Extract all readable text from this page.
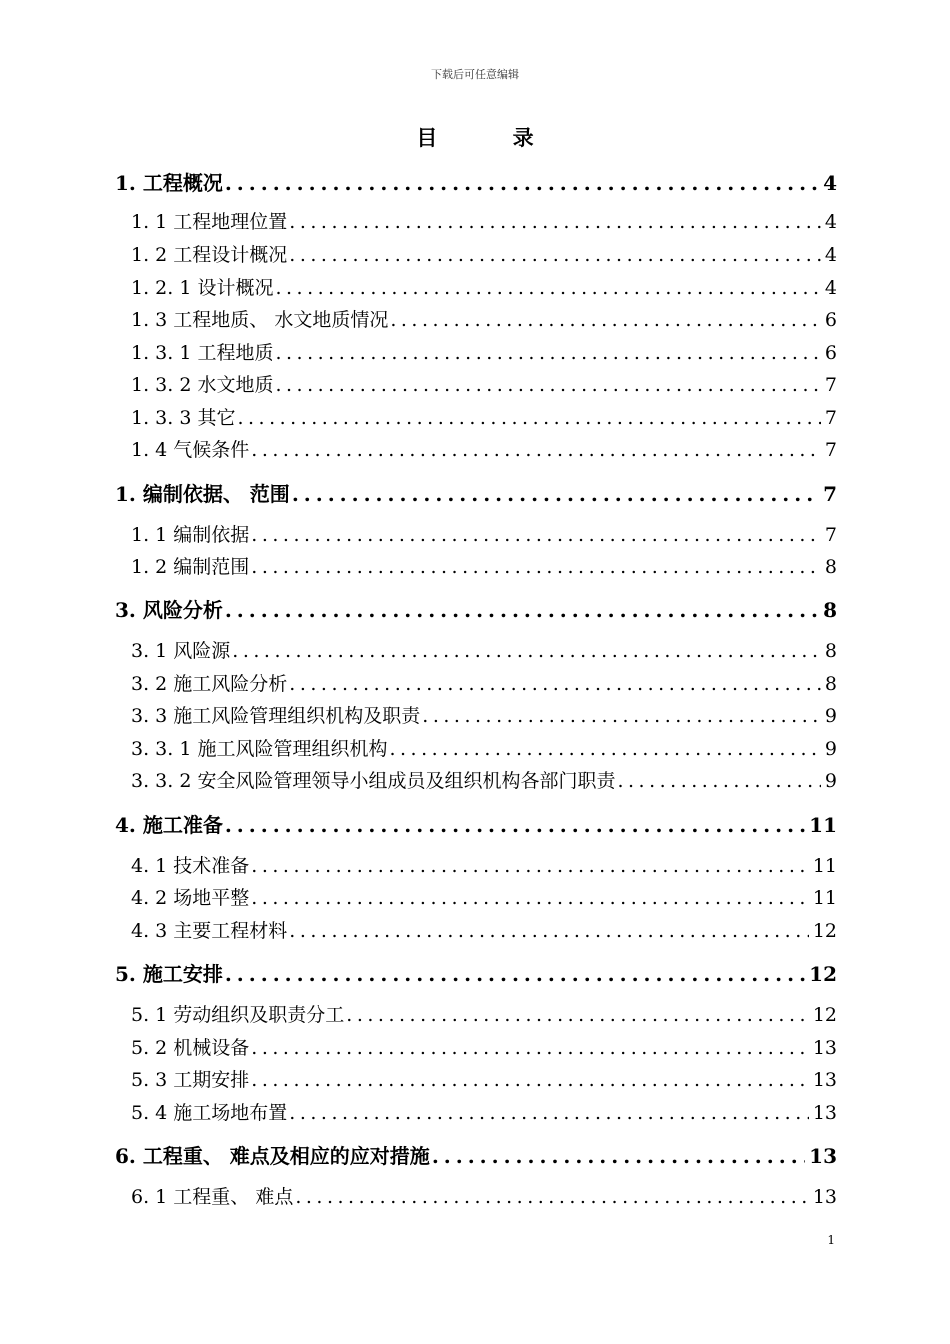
下载后可任意编辑
目 录
1. 工程概况 .....	4
1. 1 工程地理位置 .....	4
1. 2 工程设计概况 .....	4
1. 2. 1 设计概况 .....	4
1. 3 工程地质、 水文地质情况 .....	6
1. 3. 1 工程地质 .....	6
1. 3. 2 水文地质 .....	7
1. 3. 3 其它 .....	7
1. 4 气候条件 .....	7
1. 编制依据、 范围 .....	7
1. 1 编制依据 .....	7
1. 2 编制范围 .....	8
3. 风险分析 .....	8
3. 1 风险源 .....	8
3. 2 施工风险分析 .....	8
3. 3 施工风险管理组织机构及职责 .....	9
3. 3. 1 施工风险管理组织机构 .....	9
3. 3. 2 安全风险管理领导小组成员及组织机构各部门职责 .....	9
4. 施工准备 .....	11
4. 1 技术准备 .....	11
4. 2 场地平整 .....	11
4. 3 主要工程材料 .....	12
5. 施工安排 .....	12
5. 1 劳动组织及职责分工 .....	12
5. 2 机械设备 .....	13
5. 3 工期安排 .....	13
5. 4 施工场地布置 .....	13
6. 工程重、 难点及相应的应对措施 .....	13
6. 1 工程重、 难点 .....	13
1
